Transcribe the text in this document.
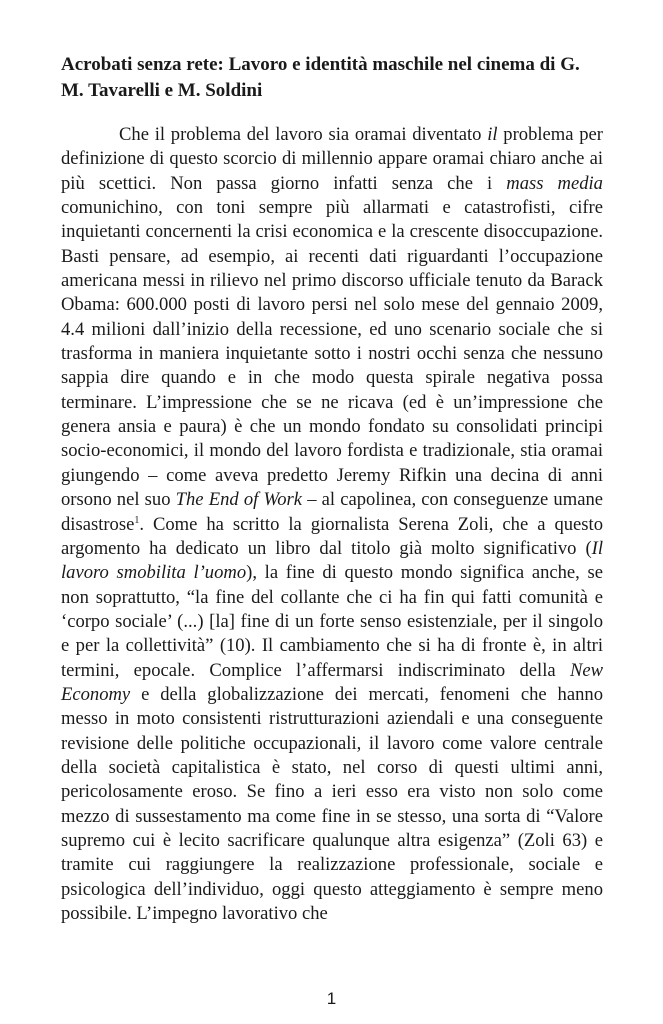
Acrobati senza rete: Lavoro e identità maschile nel cinema di G. M. Tavarelli e M. Soldini

Che il problema del lavoro sia oramai diventato il problema per definizione di questo scorcio di millennio appare oramai chiaro anche ai più scettici. Non passa giorno infatti senza che i mass media comunichino, con toni sempre più allarmati e catastrofisti, cifre inquietanti concernenti la crisi economica e la crescente disoccupazione. Basti pensare, ad esempio, ai recenti dati riguardanti l’occupazione americana messi in rilievo nel primo discorso ufficiale tenuto da Barack Obama: 600.000 posti di lavoro persi nel solo mese del gennaio 2009, 4.4 milioni dall’inizio della recessione, ed uno scenario sociale che si trasforma in maniera inquietante sotto i nostri occhi senza che nessuno sappia dire quando e in che modo questa spirale negativa possa terminare. L’impressione che se ne ricava (ed è un’impressione che genera ansia e paura) è che un mondo fondato su consolidati principi socio-economici, il mondo del lavoro fordista e tradizionale, stia oramai giungendo – come aveva predetto Jeremy Rifkin una decina di anni orsono nel suo The End of Work – al capolinea, con conseguenze umane disastrose$^1$. Come ha scritto la giornalista Serena Zoli, che a questo argomento ha dedicato un libro dal titolo già molto significativo (Il lavoro smobilita l’uomo), la fine di questo mondo significa anche, se non soprattutto, “la fine del collante che ci ha fin qui fatti comunità e ‘corpo sociale’ (...) [la] fine di un forte senso esistenziale, per il singolo e per la collettività” (10). Il cambiamento che si ha di fronte è, in altri termini, epocale. Complice l’affermarsi indiscriminato della New Economy e della globalizzazione dei mercati, fenomeni che hanno messo in moto consistenti ristrutturazioni aziendali e una conseguente revisione delle politiche occupazionali, il lavoro come valore centrale della società capitalistica è stato, nel corso di questi ultimi anni, pericolosamente eroso. Se fino a ieri esso era visto non solo come mezzo di sussestamento ma come fine in se stesso, una sorta di “Valore supremo cui è lecito sacrificare qualunque altra esigenza” (Zoli 63) e tramite cui raggiungere la realizzazione professionale, sociale e psicologica dell’individuo, oggi questo atteggiamento è sempre meno possibile. L’impegno lavorativo che

1
